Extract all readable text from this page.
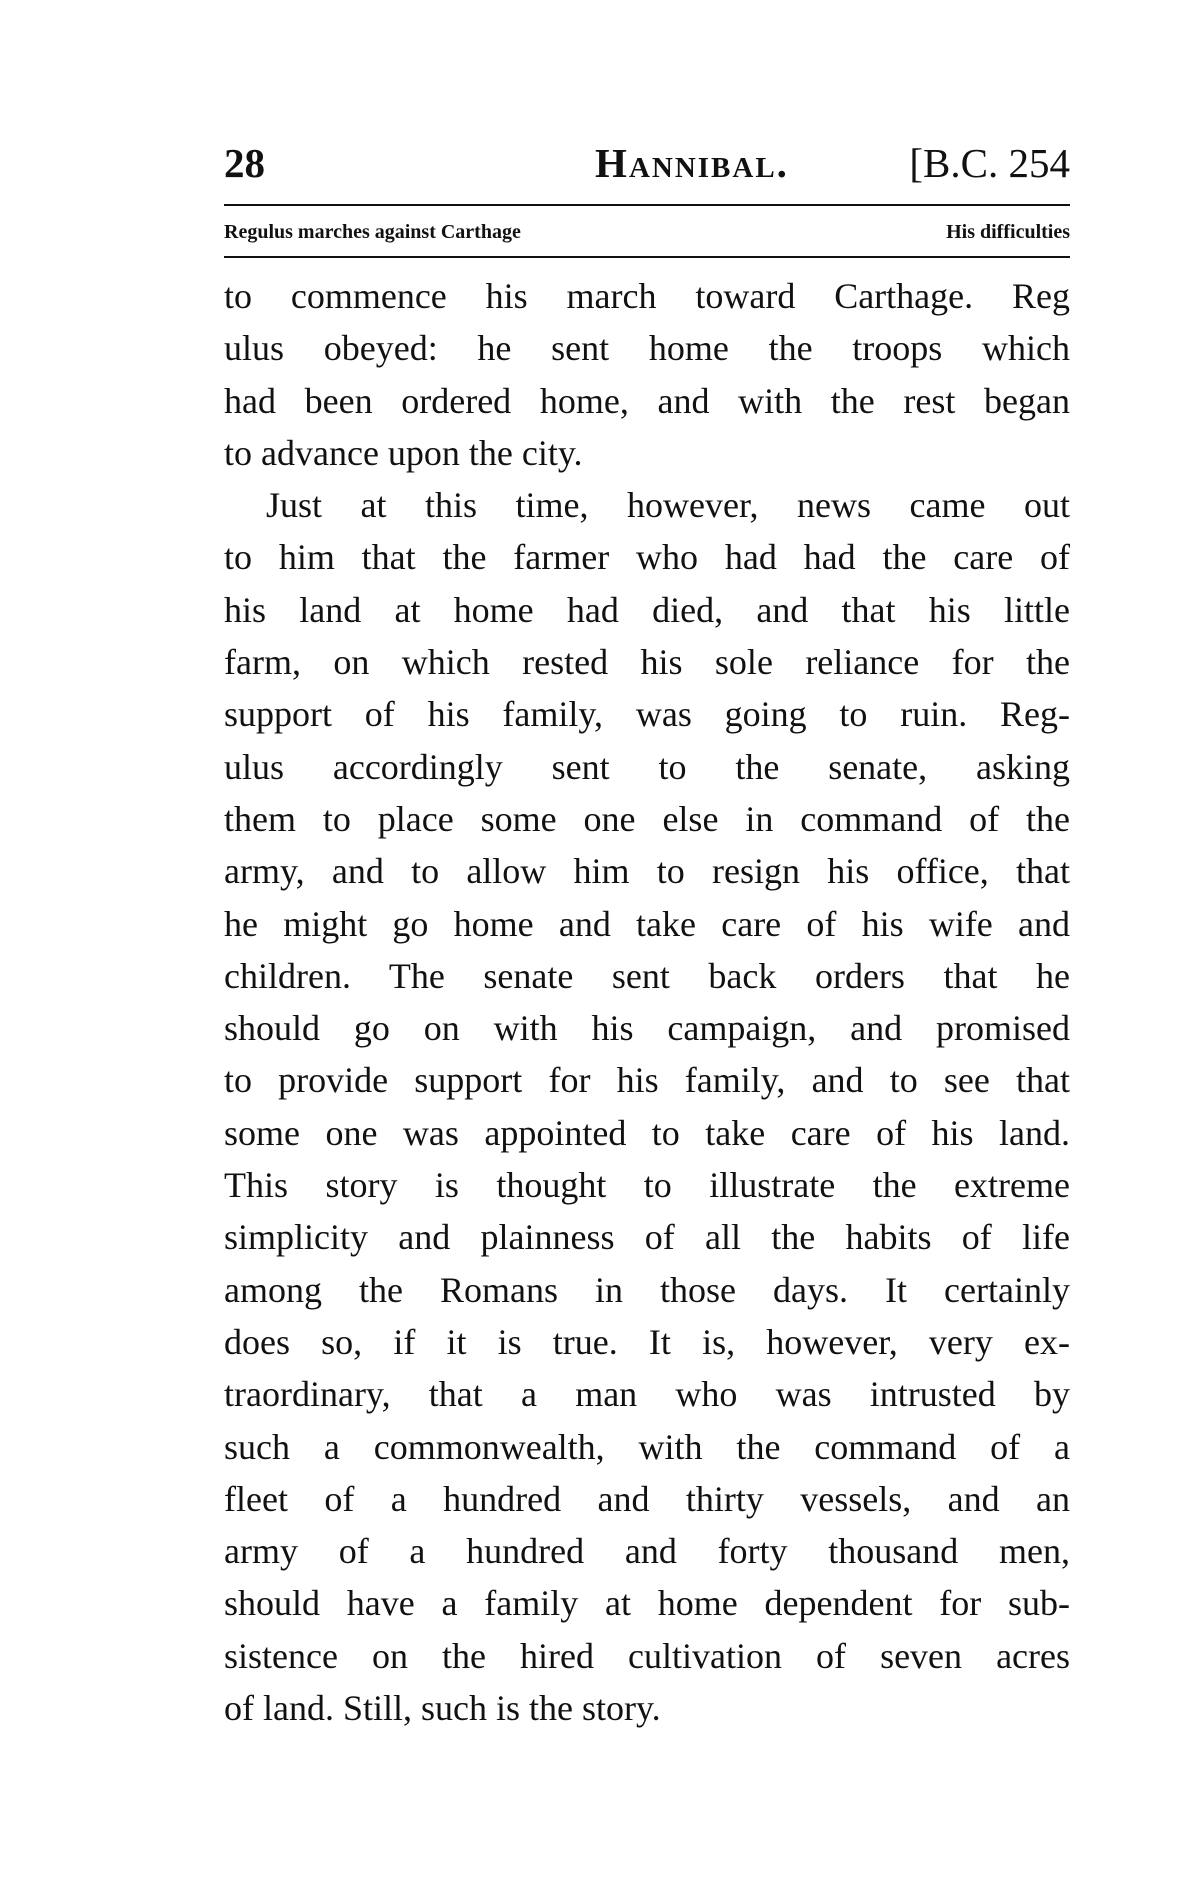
28	Hannibal.	[B.C. 254
Regulus marches against Carthage	His difficulties
to commence his march toward Carthage. Reg
ulus obeyed: he sent home the troops which
had been ordered home, and with the rest began
to advance upon the city.
Just at this time, however, news came out
to him that the farmer who had had the care of
his land at home had died, and that his little
farm, on which rested his sole reliance for the
support of his family, was going to ruin. Reg-
ulus accordingly sent to the senate, asking
them to place some one else in command of the
army, and to allow him to resign his office, that
he might go home and take care of his wife and
children. The senate sent back orders that he
should go on with his campaign, and promised
to provide support for his family, and to see that
some one was appointed to take care of his land.
This story is thought to illustrate the extreme
simplicity and plainness of all the habits of life
among the Romans in those days. It certainly
does so, if it is true. It is, however, very ex-
traordinary, that a man who was intrusted by
such a commonwealth, with the command of a
fleet of a hundred and thirty vessels, and an
army of a hundred and forty thousand men,
should have a family at home dependent for sub-
sistence on the hired cultivation of seven acres
of land. Still, such is the story.
